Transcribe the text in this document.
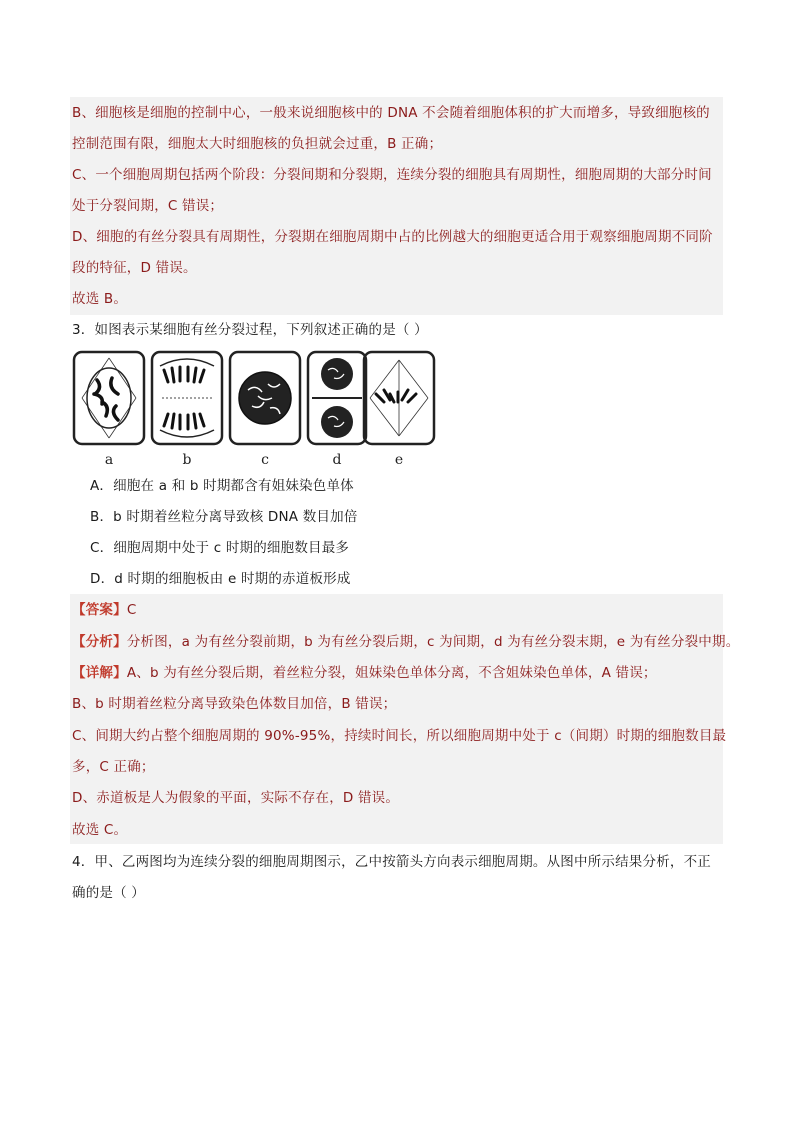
B、细胞核是细胞的控制中心，一般来说细胞核中的 DNA 不会随着细胞体积的扩大而增多，导致细胞核的
控制范围有限，细胞太大时细胞核的负担就会过重，B 正确；
C、一个细胞周期包括两个阶段：分裂间期和分裂期，连续分裂的细胞具有周期性，细胞周期的大部分时间
处于分裂间期，C 错误；
D、细胞的有丝分裂具有周期性，分裂期在细胞周期中占的比例越大的细胞更适合用于观察细胞周期不同阶
段的特征，D 错误。
故选 B。
3．如图表示某细胞有丝分裂过程，下列叙述正确的是（ ）
a	b	c	d	e
A．细胞在 a 和 b 时期都含有姐妹染色单体
B．b 时期着丝粒分离导致核 DNA 数目加倍
C．细胞周期中处于 c 时期的细胞数目最多
D．d 时期的细胞板由 e 时期的赤道板形成
【答案】C
【分析】分析图，a 为有丝分裂前期，b 为有丝分裂后期，c 为间期，d 为有丝分裂末期，e 为有丝分裂中期。
【详解】A、b 为有丝分裂后期，着丝粒分裂，姐妹染色单体分离，不含姐妹染色单体，A 错误；
B、b 时期着丝粒分离导致染色体数目加倍，B 错误；
C、间期大约占整个细胞周期的 90%-95%，持续时间长，所以细胞周期中处于 c（间期）时期的细胞数目最
多，C 正确；
D、赤道板是人为假象的平面，实际不存在，D 错误。
故选 C。
4．甲、乙两图均为连续分裂的细胞周期图示，乙中按箭头方向表示细胞周期。从图中所示结果分析，不正
确的是（ ）
